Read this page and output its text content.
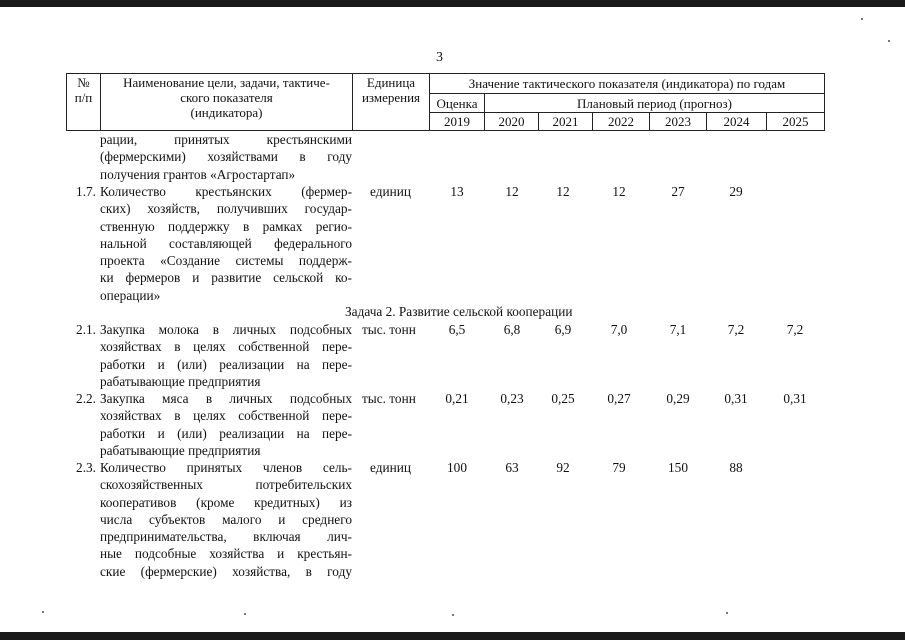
3
№
п/п
Наименование цели, задачи, тактиче-
ского показателя
(индикатора)
Единица
измерения
Значение тактического показателя (индикатора) по годам
Оценка	Плановый период (прогноз)
2019	2020	2021	2022	2023	2024	2025
рации, принятых крестьянскими
(фермерскими) хозяйствами в году
получения грантов «Агростартап»
1.7. Количество крестьянских (фермер-
ских) хозяйств, получивших государ-
ственную поддержку в рамках регио-
нальной составляющей федерального
проекта «Создание системы поддерж-
ки фермеров и развитие сельской ко-
операции»
единиц	13	12	12	12	27	29
Задача 2. Развитие сельской кооперации
2.1. Закупка молока в личных подсобных
хозяйствах в целях собственной пере-
работки и (или) реализации на пере-
рабатывающие предприятия
тыс. тонн	6,5	6,8	6,9	7,0	7,1	7,2	7,2
2.2. Закупка мяса в личных подсобных
хозяйствах в целях собственной пере-
работки и (или) реализации на пере-
рабатывающие предприятия
тыс. тонн	0,21	0,23	0,25	0,27	0,29	0,31	0,31
2.3. Количество принятых членов сель-
скохозяйственных потребительских
кооперативов (кроме кредитных) из
числа субъектов малого и среднего
предпринимательства, включая лич-
ные подсобные хозяйства и крестьян-
ские (фермерские) хозяйства, в году
единиц	100	63	92	79	150	88
